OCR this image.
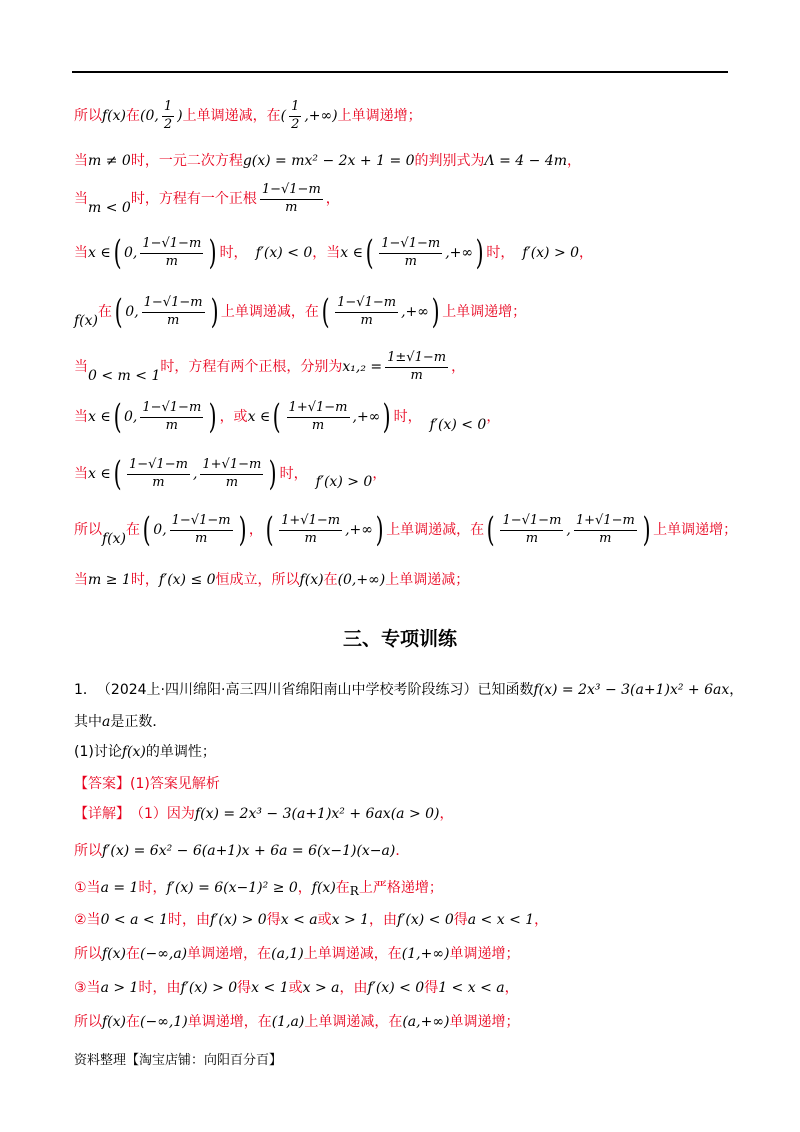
所以 f(x) 在 (0, $\frac{1}{2}$ ) 上单调递减，在 ( $\frac{1}{2}$ ,+∞) 上单调递增；
当 m ≠ 0 时，一元二次方程 g(x) = mx² − 2x + 1 = 0 的判别式为 Λ = 4 − 4m ，
当
m < 0
时，方程有一个正根 $\frac{1-√1-m}{m}$ ，
当 x ∈ ( 0, $\frac{1-√1-m}{m}$ ) 时， f′(x) < 0 ，当 x ∈ ( $\frac{1-√1-m}{m}$ ,+∞ ) 时， f′(x) > 0 ，
f(x)
在 ( 0, $\frac{1-√1-m}{m}$ ) 上单调递减，在 ( $\frac{1-√1-m}{m}$ ,+∞ ) 上单调递增；
当
0 < m < 1
时，方程有两个正根，分别为 $x_1,_2 = \frac{1\pm√1-m}{m}$ ，
当 x ∈ ( 0, $\frac{1-√1-m}{m}$ ) ，或 x ∈ ( $\frac{1+√1-m}{m}$ ,+∞ ) 时， f′(x) < 0 ，
当 x ∈ ( $\frac{1-√1-m}{m}$ , $\frac{1+√1-m}{m}$ ) 时， f′(x) > 0 ，
所以
f(x)
在 ( 0, $\frac{1-√1-m}{m}$ ) ， ( $\frac{1+√1-m}{m}$ ,+∞ ) 上单调递减，在 ( $\frac{1-√1-m}{m}$ , $\frac{1+√1-m}{m}$ ) 上单调递增；
当 m ≥ 1 时， f′(x) ≤ 0 恒成立，所以 f(x) 在 (0,+∞) 上单调递减；
三、专项训练
1． （2024上·四川绵阳·高三四川省绵阳南山中学校考阶段练习）已知函数 f(x) = 2x³ − 3(a+1)x² + 6ax ，
其中 a 是正数．
(1)讨论 f(x) 的单调性；
【答案】(1)答案见解析
【详解】 （1）因为 f(x) = 2x³ − 3(a+1)x² + 6ax(a > 0) ，
所以 f′(x) = 6x² − 6(a+1)x + 6a = 6(x−1)(x−a) ．
①当 a = 1 时， f′(x) = 6(x−1)² ≥ 0 ， f(x) 在 R 上严格递增；
②当 0 < a < 1 时，由 f′(x) > 0 得 x < a 或 x > 1 ，由 f′(x) < 0 得 a < x < 1 ，
所以 f(x) 在 (−∞,a) 单调递增，在 (a,1) 上单调递减，在 (1,+∞) 单调递增；
③当 a > 1 时，由 f′(x) > 0 得 x < 1 或 x > a ，由 f′(x) < 0 得 1 < x < a ，
所以 f(x) 在 (−∞,1) 单调递增，在 (1,a) 上单调递减，在 (a,+∞) 单调递增；
资料整理【淘宝店铺：向阳百分百】
